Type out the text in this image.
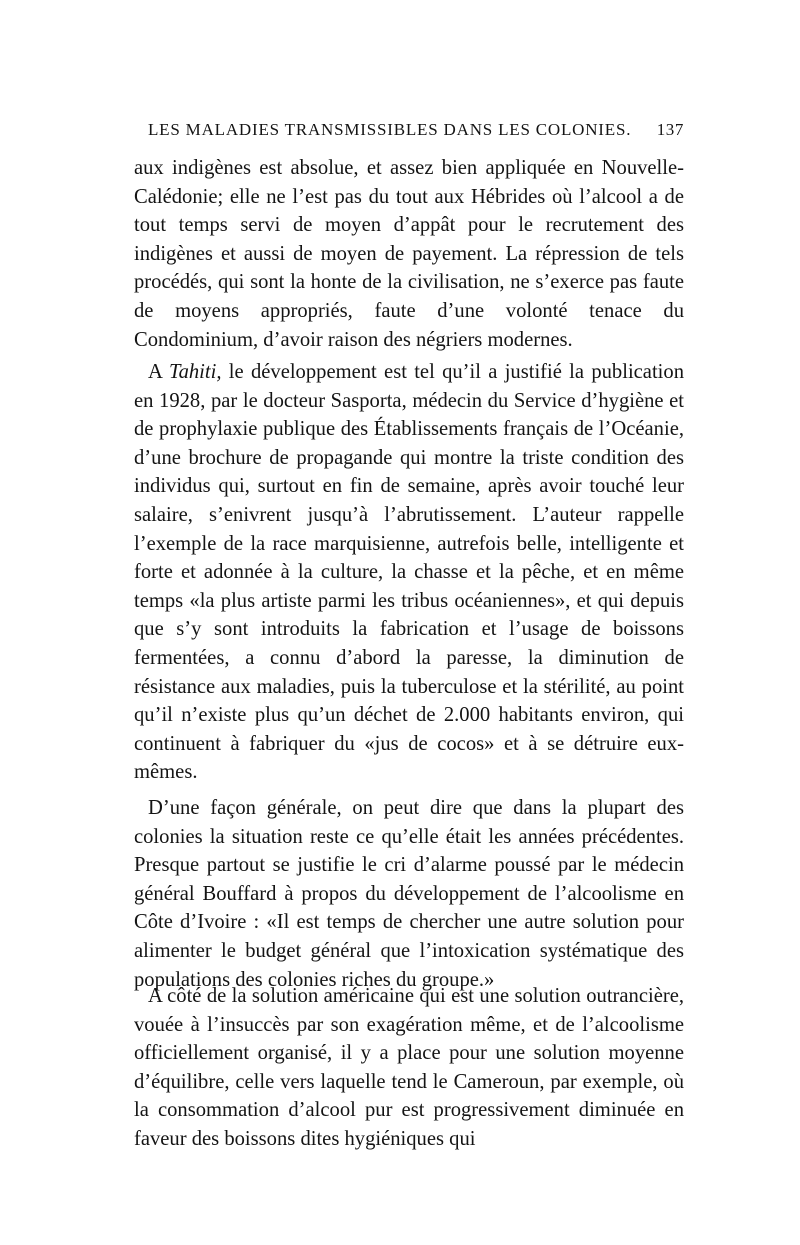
LES MALADIES TRANSMISSIBLES DANS LES COLONIES. 137

aux indigènes est absolue, et assez bien appliquée en Nouvelle-Calédonie; elle ne l’est pas du tout aux Hébrides où l’alcool a de tout temps servi de moyen d’appât pour le recrutement des indigènes et aussi de moyen de payement. La répression de tels procédés, qui sont la honte de la civilisation, ne s’exerce pas faute de moyens appropriés, faute d’une volonté tenace du Condominium, d’avoir raison des négriers modernes.

A Tahiti, le développement est tel qu’il a justifié la publication en 1928, par le docteur Sasporta, médecin du Service d’hygiène et de prophylaxie publique des Établissements français de l’Océanie, d’une brochure de propagande qui montre la triste condition des individus qui, surtout en fin de semaine, après avoir touché leur salaire, s’enivrent jusqu’à l’abrutissement. L’auteur rappelle l’exemple de la race marquisienne, autrefois belle, intelligente et forte et adonnée à la culture, la chasse et la pêche, et en même temps «la plus artiste parmi les tribus océaniennes», et qui depuis que s’y sont introduits la fabrication et l’usage de boissons fermentées, a connu d’abord la paresse, la diminution de résistance aux maladies, puis la tuberculose et la stérilité, au point qu’il n’existe plus qu’un déchet de 2.000 habitants environ, qui continuent à fabriquer du «jus de cocos» et à se détruire eux-mêmes.

D’une façon générale, on peut dire que dans la plupart des colonies la situation reste ce qu’elle était les années précédentes. Presque partout se justifie le cri d’alarme poussé par le médecin général Bouffard à propos du développement de l’alcoolisme en Côte d’Ivoire : «Il est temps de chercher une autre solution pour alimenter le budget général que l’intoxication systématique des populations des colonies riches du groupe.»

A côté de la solution américaine qui est une solution outrancière, vouée à l’insuccès par son exagération même, et de l’alcoolisme officiellement organisé, il y a place pour une solution moyenne d’équilibre, celle vers laquelle tend le Cameroun, par exemple, où la consommation d’alcool pur est progressivement diminuée en faveur des boissons dites hygiéniques qui
